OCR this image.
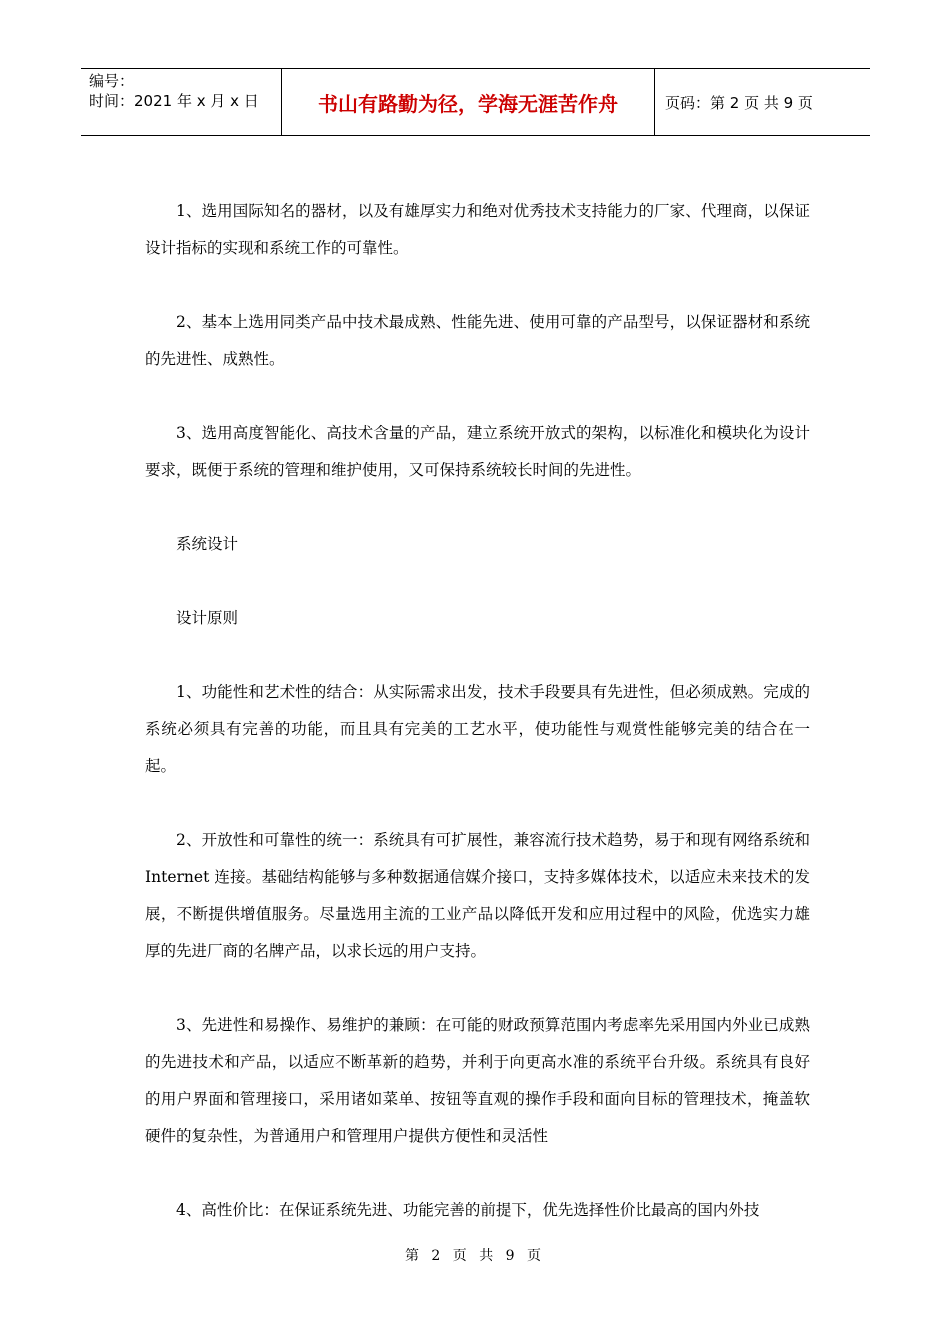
编号：
时间：2021 年 x 月 x 日	书山有路勤为径，学海无涯苦作舟	页码：第 2 页 共 9 页

1、选用国际知名的器材，以及有雄厚实力和绝对优秀技术支持能力的厂家、代理商，以保证设计指标的实现和系统工作的可靠性。

2、基本上选用同类产品中技术最成熟、性能先进、使用可靠的产品型号，以保证器材和系统的先进性、成熟性。

3、选用高度智能化、高技术含量的产品，建立系统开放式的架构，以标准化和模块化为设计要求，既便于系统的管理和维护使用，又可保持系统较长时间的先进性。

系统设计

设计原则

1、功能性和艺术性的结合：从实际需求出发，技术手段要具有先进性，但必须成熟。完成的系统必须具有完善的功能，而且具有完美的工艺水平，使功能性与观赏性能够完美的结合在一起。

2、开放性和可靠性的统一：系统具有可扩展性，兼容流行技术趋势，易于和现有网络系统和 Internet 连接。基础结构能够与多种数据通信媒介接口，支持多媒体技术，以适应未来技术的发展，不断提供增值服务。尽量选用主流的工业产品以降低开发和应用过程中的风险，优选实力雄厚的先进厂商的名牌产品，以求长远的用户支持。

3、先进性和易操作、易维护的兼顾：在可能的财政预算范围内考虑率先采用国内外业已成熟的先进技术和产品，以适应不断革新的趋势，并利于向更高水准的系统平台升级。系统具有良好的用户界面和管理接口，采用诸如菜单、按钮等直观的操作手段和面向目标的管理技术，掩盖软硬件的复杂性，为普通用户和管理用户提供方便性和灵活性

4、高性价比：在保证系统先进、功能完善的前提下，优先选择性价比最高的国内外技

第 2 页 共 9 页
